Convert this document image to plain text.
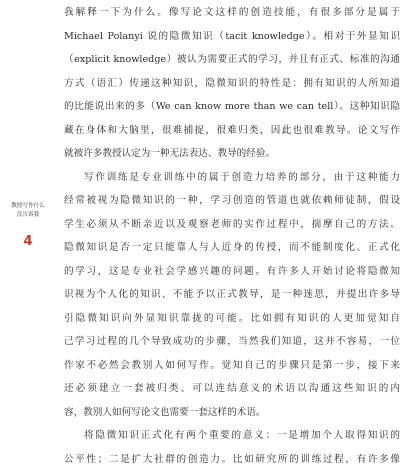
教授写作什么
没告诉我
4
我解释一下为什么。像写论文这样的创造技能，有很多部分是属于
Michael Polanyi 说的隐微知识（tacit knowledge）。相对于外显知识
（explicit knowledge）被认为需要正式的学习，并且有正式、标准的沟通
方式（语汇）传递这种知识，隐微知识的特性是：拥有知识的人所知道
的比能说出来的多（We can know more than we can tell）。这种知识隐
藏在身体和大脑里，很难捕捉，很难归类，因此也很难教导。论文写作
就被许多教授认定为一种无法表达、教导的经验。
写作训练是专业训练中的属于创造力培养的部分，由于这种能力
经常被视为隐微知识的一种，学习创造的管道也就依赖师徒制，假设
学生必须从不断亲近以及观察老师的实作过程中，揣摩自己的方法。
隐微知识是否一定只能靠人与人近身的传授，而不能制度化、正式化
的学习，这是专业社会学感兴趣的问题。有许多人开始讨论将隐微知
识视为个人化的知识、不能予以正式教导，是一种迷思，并提出许多导
引隐微知识向外显知识靠拢的可能。比如拥有知识的人更加觉知自
己学习过程的几个导致成功的步骤，当然我们知道，这并不容易，一位
作家不必然会教别人如何写作。觉知自己的步骤只是第一步，接下来
还必须建立一套被归类、可以连结意义的术语以沟通这些知识的内
容，教别人如何写论文也需要一套这样的术语。
将隐微知识正式化有两个重要的意义：一是增加个人取得知识的
公平性；二是扩大社群的创造力。比如研究所的训练过程，有许多像
